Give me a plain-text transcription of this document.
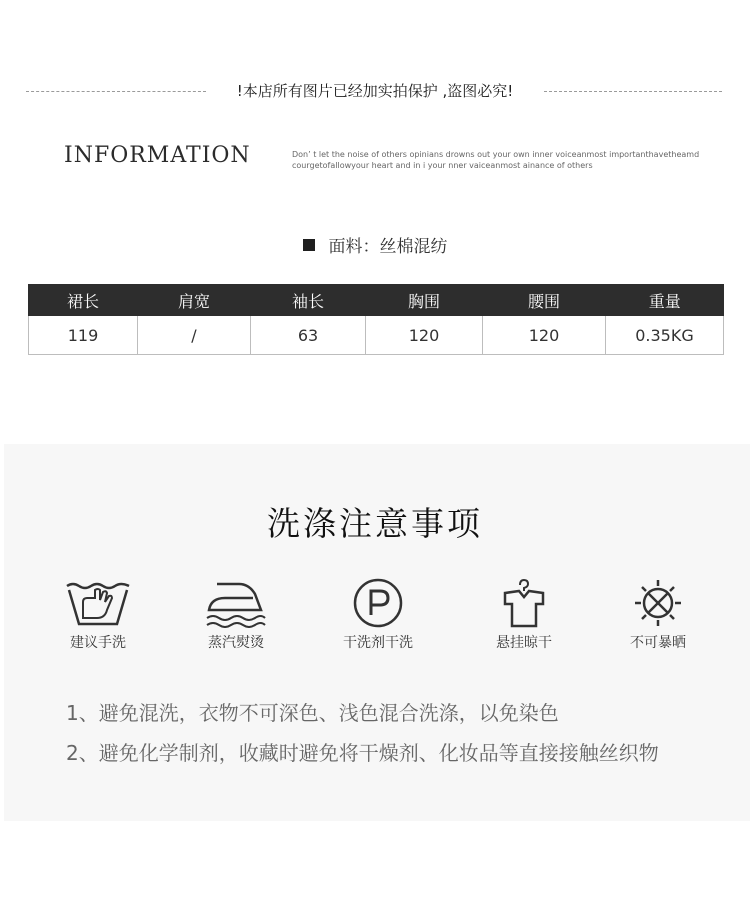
!本店所有图片已经加实拍保护 ,盗图必究!
INFORMATION	Don’ t let the noise of others opinians drowns out your own inner voiceanmost importanthavetheamd
courgetofallowyour heart and in i your nner vaiceanmost ainance of others
面料：丝棉混纺
裙长	肩宽	袖长	胸围	腰围	重量
119	/	63	120	120	0.35KG
洗涤注意事项
建议手洗	蒸汽熨烫	干洗剂干洗	悬挂晾干	不可暴晒
1、避免混洗，衣物不可深色、浅色混合洗涤，以免染色
2、避免化学制剂，收藏时避免将干燥剂、化妆品等直接接触丝织物
